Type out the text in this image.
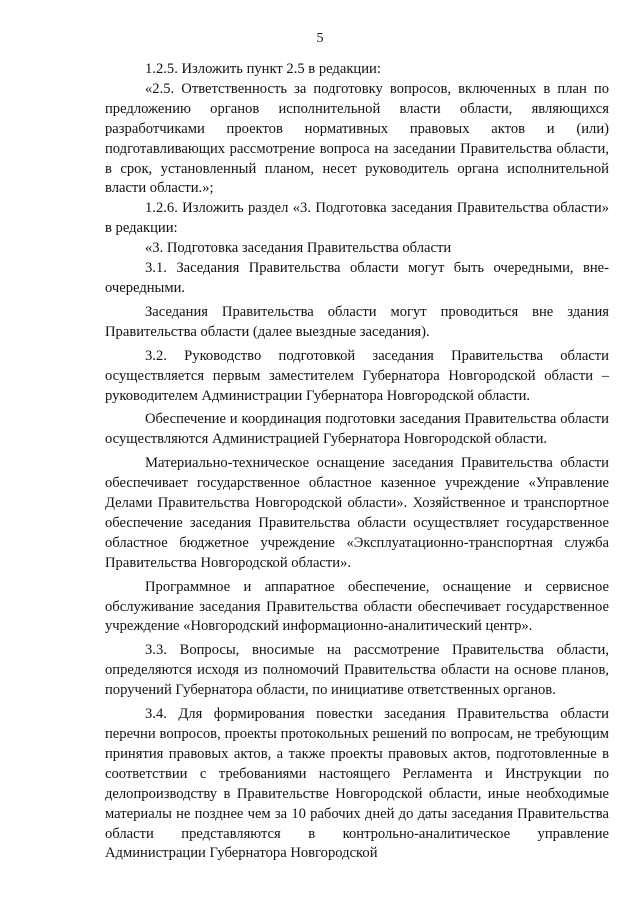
5

1.2.5. Изложить пункт 2.5 в редакции:

«2.5. Ответственность за подготовку вопросов, включенных в план по предложению органов исполнительной власти области, являющихся разработчиками проектов нормативных правовых актов и (или) подготавливающих рассмотрение вопроса на заседании Правительства области, в срок, установленный планом, несет руководитель органа исполнительной власти области.»;

1.2.6. Изложить раздел «3. Подготовка заседания Правительства области» в редакции:

«3. Подготовка заседания Правительства области

3.1. Заседания Правительства области могут быть очередными, внеочередными.

Заседания Правительства области могут проводиться вне здания Правительства области (далее выездные заседания).

3.2. Руководство подготовкой заседания Правительства области осуществляется первым заместителем Губернатора Новгородской области – руководителем Администрации Губернатора Новгородской области.

Обеспечение и координация подготовки заседания Правительства области осуществляются Администрацией Губернатора Новгородской области.

Материально-техническое оснащение заседания Правительства области обеспечивает государственное областное казенное учреждение «Управление Делами Правительства Новгородской области». Хозяйственное и транспортное обеспечение заседания Правительства области осуществляет государственное областное бюджетное учреждение «Эксплуатационно-транспортная служба Правительства Новгородской области».

Программное и аппаратное обеспечение, оснащение и сервисное обслуживание заседания Правительства области обеспечивает государственное учреждение «Новгородский информационно-аналитический центр».

3.3. Вопросы, вносимые на рассмотрение Правительства области, определяются исходя из полномочий Правительства области на основе планов, поручений Губернатора области, по инициативе ответственных органов.

3.4. Для формирования повестки заседания Правительства области перечни вопросов, проекты протокольных решений по вопросам, не требующим принятия правовых актов, а также проекты правовых актов, подготовленные в соответствии с требованиями настоящего Регламента и Инструкции по делопроизводству в Правительстве Новгородской области, иные необходимые материалы не позднее чем за 10 рабочих дней до даты заседания Правительства области представляются в контрольно-аналитическое управление Администрации Губернатора Новгородской
